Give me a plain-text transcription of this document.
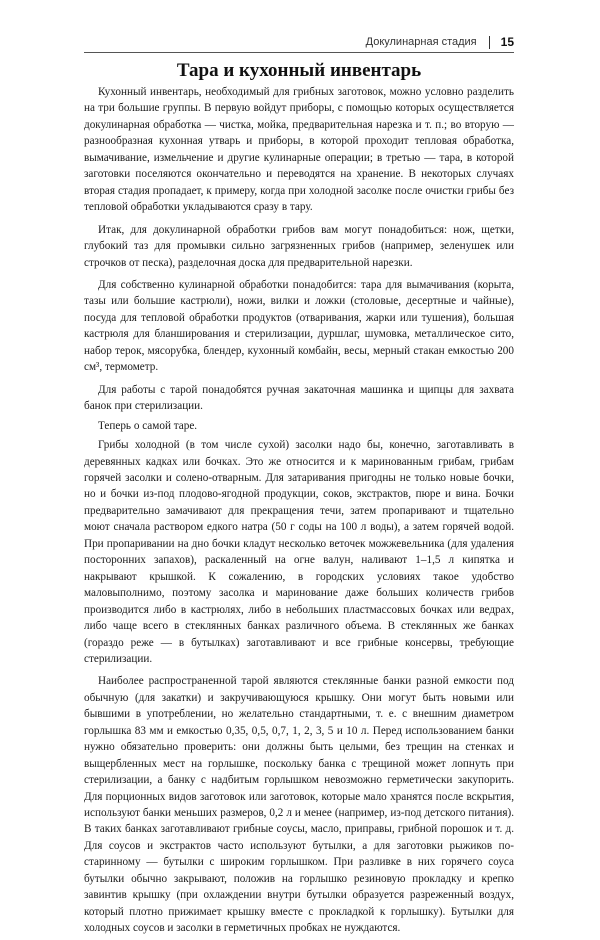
Докулинарная стадия 15
Тара и кухонный инвентарь

Кухонный инвентарь, необходимый для грибных заготовок, можно условно разделить на три большие группы. В первую войдут приборы, с помощью которых осуществляется докулинарная обработка — чистка, мойка, предварительная нарезка и т. п.; во вторую — разнообразная кухонная утварь и приборы, в которой проходит тепловая обработка, вымачивание, измельчение и другие кулинарные операции; в третью — тара, в которой заготовки поселяются окончательно и переводятся на хранение. В некоторых случаях вторая стадия пропадает, к примеру, когда при холодной засолке после очистки грибы без тепловой обработки укладываются сразу в тару.

Итак, для докулинарной обработки грибов вам могут понадобиться: нож, щетки, глубокий таз для промывки сильно загрязненных грибов (например, зеленушек или строчков от песка), разделочная доска для предварительной нарезки.

Для собственно кулинарной обработки понадобится: тара для вымачивания (корыта, тазы или большие кастрюли), ножи, вилки и ложки (столовые, десертные и чайные), посуда для тепловой обработки продуктов (отваривания, жарки или тушения), большая кастрюля для бланширования и стерилизации, дуршлаг, шумовка, металлическое сито, набор терок, мясорубка, блендер, кухонный комбайн, весы, мерный стакан емкостью 200 см³, термометр.

Для работы с тарой понадобятся ручная закаточная машинка и щипцы для захвата банок при стерилизации.

Теперь о самой таре.

Грибы холодной (в том числе сухой) засолки надо бы, конечно, заготавливать в деревянных кадках или бочках. Это же относится и к маринованным грибам, грибам горячей засолки и солено-отварным. Для затаривания пригодны не только новые бочки, но и бочки из-под плодово-ягодной продукции, соков, экстрактов, пюре и вина. Бочки предварительно замачивают для прекращения течи, затем пропаривают и тщательно моют сначала раствором едкого натра (50 г соды на 100 л воды), а затем горячей водой. При пропаривании на дно бочки кладут несколько веточек можжевельника (для удаления посторонних запахов), раскаленный на огне валун, наливают 1–1,5 л кипятка и накрывают крышкой. К сожалению, в городских условиях такое удобство маловыполнимо, поэтому засолка и маринование даже больших количеств грибов производится либо в кастрюлях, либо в небольших пластмассовых бочках или ведрах, либо чаще всего в стеклянных банках различного объема. В стеклянных же банках (гораздо реже — в бутылках) заготавливают и все грибные консервы, требующие стерилизации.

Наиболее распространенной тарой являются стеклянные банки разной емкости под обычную (для закатки) и закручивающуюся крышку. Они могут быть новыми или бывшими в употреблении, но желательно стандартными, т. е. с внешним диаметром горлышка 83 мм и емкостью 0,35, 0,5, 0,7, 1, 2, 3, 5 и 10 л. Перед использованием банки нужно обязательно проверить: они должны быть целыми, без трещин на стенках и выщербленных мест на горлышке, поскольку банка с трещиной может лопнуть при стерилизации, а банку с надбитым горлышком невозможно герметически закупорить. Для порционных видов заготовок или заготовок, которые мало хранятся после вскрытия, используют банки меньших размеров, 0,2 л и менее (например, из-под детского питания). В таких банках заготавливают грибные соусы, масло, приправы, грибной порошок и т. д. Для соусов и экстрактов часто используют бутылки, а для заготовки рыжиков по-старинному — бутылки с широким горлышком. При разливке в них горячего соуса бутылки обычно закрывают, положив на горлышко резиновую прокладку и крепко завинтив крышку (при охлаждении внутри бутылки образуется разреженный воздух, который плотно прижимает крышку вместе с прокладкой к горлышку). Бутылки для холодных соусов и засолки в герметичных пробках не нуждаются.
